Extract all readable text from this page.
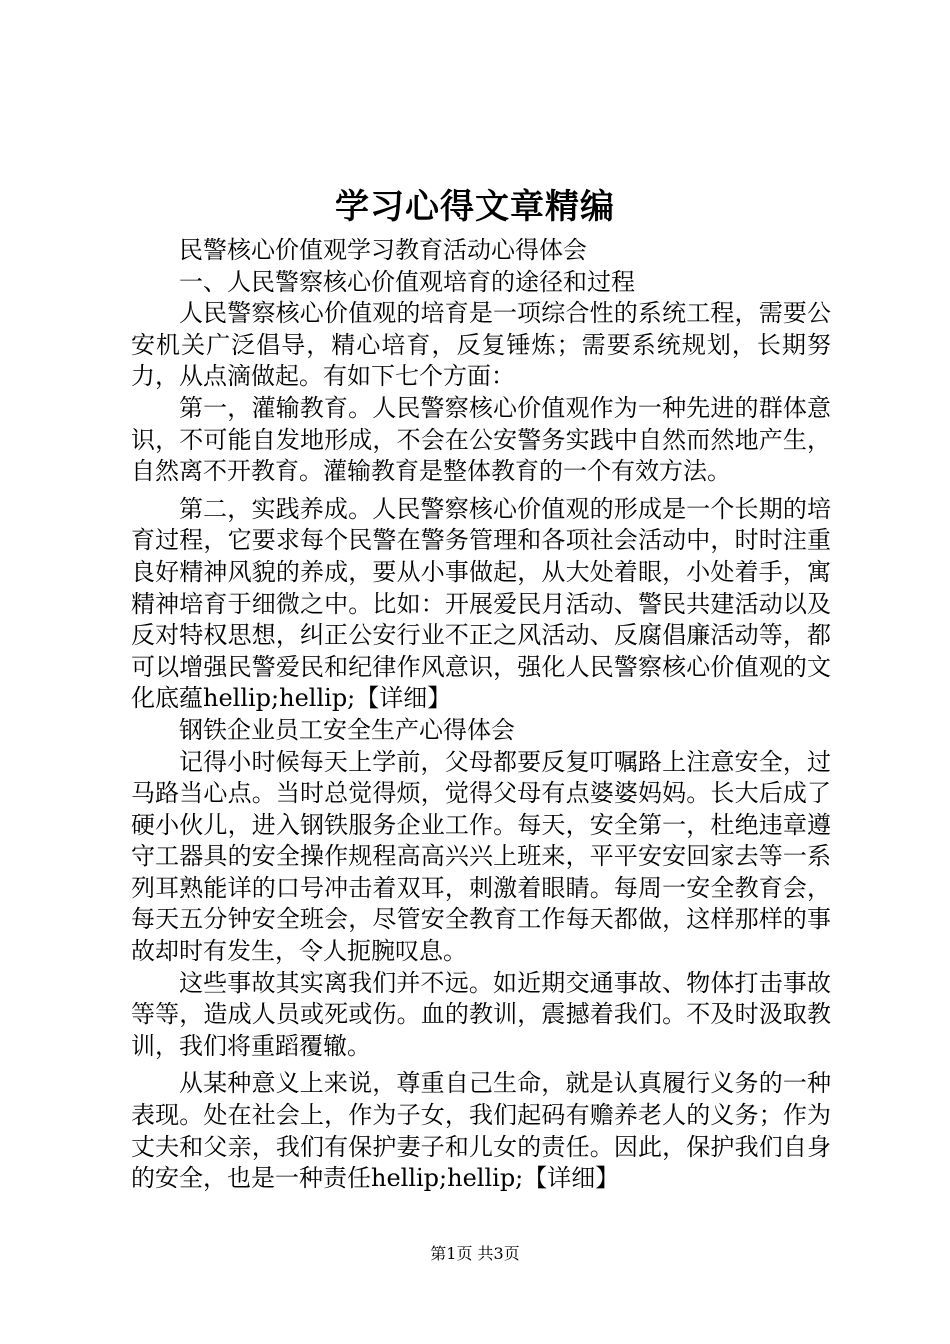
学习心得文章精编

民警核心价值观学习教育活动心得体会

一、人民警察核心价值观培育的途径和过程

人民警察核心价值观的培育是一项综合性的系统工程，需要公安机关广泛倡导，精心培育，反复锤炼；需要系统规划，长期努力，从点滴做起。有如下七个方面：

第一，灌输教育。人民警察核心价值观作为一种先进的群体意识，不可能自发地形成，不会在公安警务实践中自然而然地产生，自然离不开教育。灌输教育是整体教育的一个有效方法。

第二，实践养成。人民警察核心价值观的形成是一个长期的培育过程，它要求每个民警在警务管理和各项社会活动中，时时注重良好精神风貌的养成，要从小事做起，从大处着眼，小处着手，寓精神培育于细微之中。比如：开展爱民月活动、警民共建活动以及反对特权思想，纠正公安行业不正之风活动、反腐倡廉活动等，都可以增强民警爱民和纪律作风意识，强化人民警察核心价值观的文化底蕴hellip;hellip;【详细】

钢铁企业员工安全生产心得体会

记得小时候每天上学前，父母都要反复叮嘱路上注意安全，过马路当心点。当时总觉得烦，觉得父母有点婆婆妈妈。长大后成了硬小伙儿，进入钢铁服务企业工作。每天，安全第一，杜绝违章遵守工器具的安全操作规程高高兴兴上班来，平平安安回家去等一系列耳熟能详的口号冲击着双耳，刺激着眼睛。每周一安全教育会，每天五分钟安全班会，尽管安全教育工作每天都做，这样那样的事故却时有发生，令人扼腕叹息。

这些事故其实离我们并不远。如近期交通事故、物体打击事故等等，造成人员或死或伤。血的教训，震撼着我们。不及时汲取教训，我们将重蹈覆辙。

从某种意义上来说，尊重自己生命，就是认真履行义务的一种表现。处在社会上，作为子女，我们起码有赡养老人的义务；作为丈夫和父亲，我们有保护妻子和儿女的责任。因此，保护我们自身的安全，也是一种责任hellip;hellip;【详细】

第1页 共3页
